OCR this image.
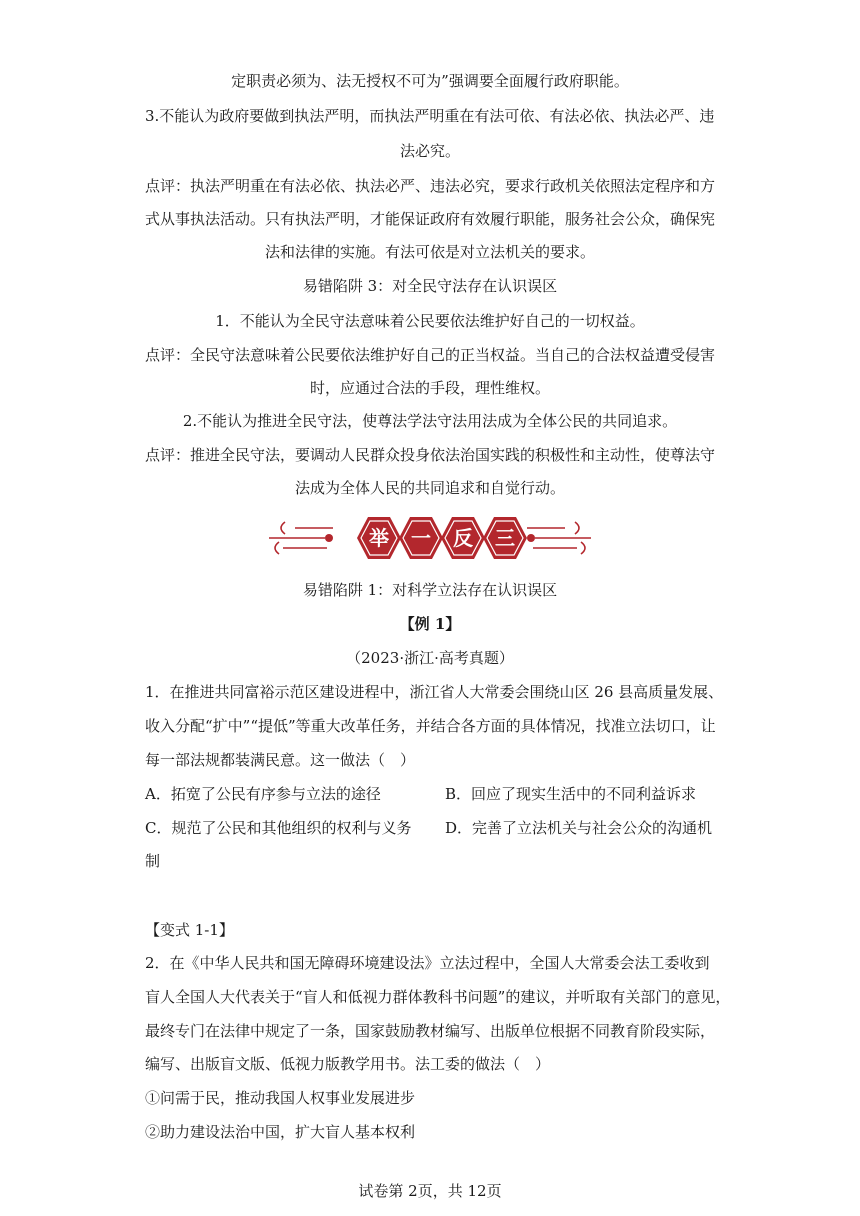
定职责必须为、法无授权不可为”强调要全面履行政府职能。
3.不能认为政府要做到执法严明，而执法严明重在有法可依、有法必依、执法必严、违
法必究。
点评：执法严明重在有法必依、执法必严、违法必究，要求行政机关依照法定程序和方
式从事执法活动。只有执法严明，才能保证政府有效履行职能，服务社会公众，确保宪
法和法律的实施。有法可依是对立法机关的要求。
易错陷阱 3：对全民守法存在认识误区
1．不能认为全民守法意味着公民要依法维护好自己的一切权益。
点评：全民守法意味着公民要依法维护好自己的正当权益。当自己的合法权益遭受侵害
时，应通过合法的手段，理性维权。
2.不能认为推进全民守法，使尊法学法守法用法成为全体公民的共同追求。
点评：推进全民守法，要调动人民群众投身依法治国实践的积极性和主动性，使尊法守
法成为全体人民的共同追求和自觉行动。
举 一 反 三
易错陷阱 1：对科学立法存在认识误区
【例 1】
（2023·浙江·高考真题）
1．在推进共同富裕示范区建设进程中，浙江省人大常委会围绕山区 26 县高质量发展、
收入分配“扩中”“提低”等重大改革任务，并结合各方面的具体情况，找准立法切口，让
每一部法规都装满民意。这一做法（　）
A．拓宽了公民有序参与立法的途径	B．回应了现实生活中的不同利益诉求
C．规范了公民和其他组织的权利与义务 D．完善了立法机关与社会公众的沟通机
制
【变式 1-1】
2．在《中华人民共和国无障碍环境建设法》立法过程中，全国人大常委会法工委收到
盲人全国人大代表关于“盲人和低视力群体教科书问题”的建议，并听取有关部门的意见，
最终专门在法律中规定了一条，国家鼓励教材编写、出版单位根据不同教育阶段实际，
编写、出版盲文版、低视力版教学用书。法工委的做法（　）
①问需于民，推动我国人权事业发展进步
②助力建设法治中国，扩大盲人基本权利
试卷第 2页，共 12页
